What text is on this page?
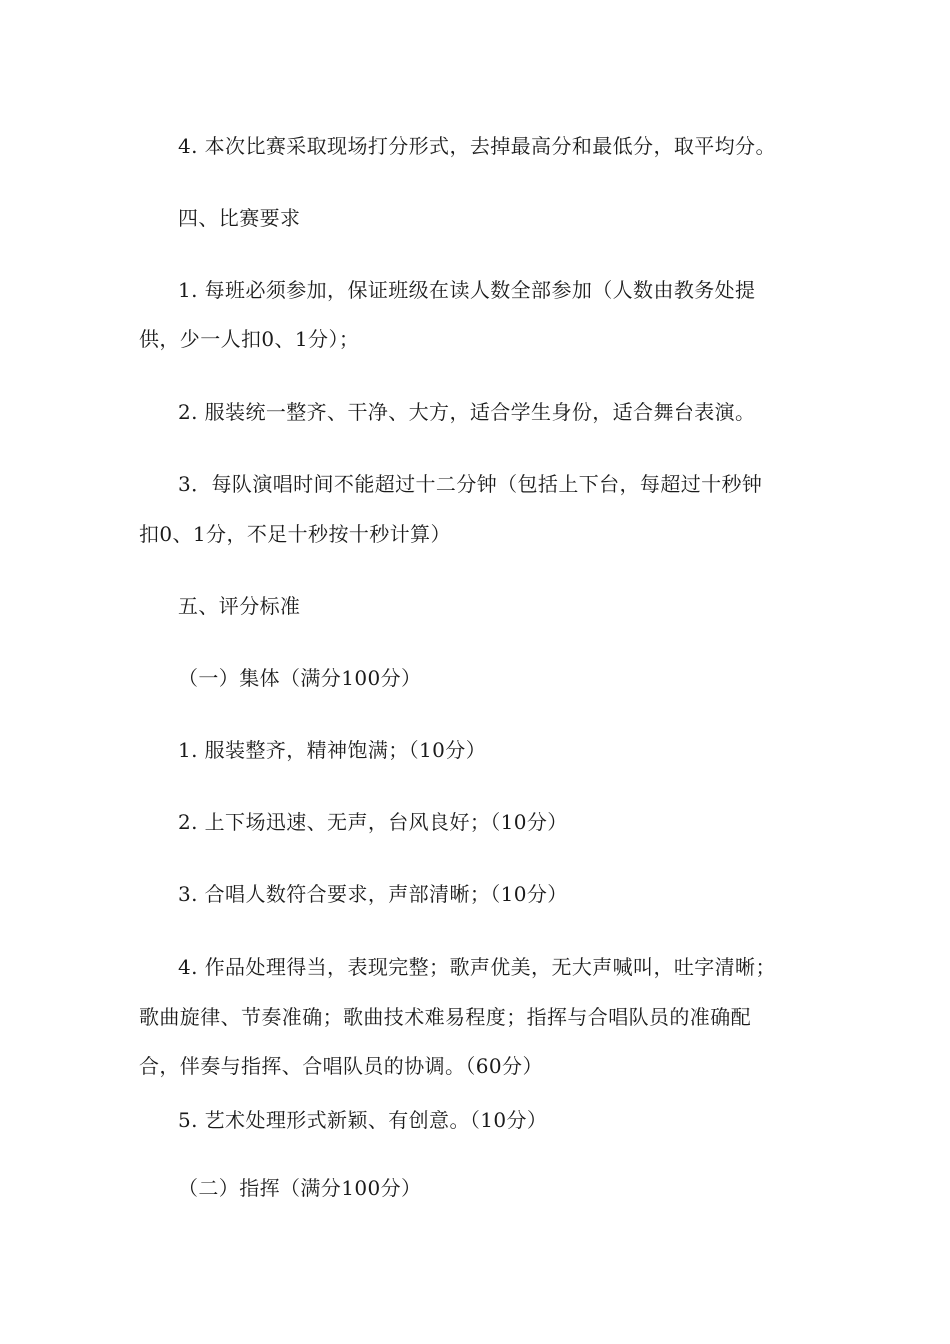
4. 本次比赛采取现场打分形式，去掉最高分和最低分，取平均分。

四、比赛要求

1. 每班必须参加，保证班级在读人数全部参加（人数由教务处提

供，少一人扣0、1分）；

2. 服装统一整齐、干净、大方，适合学生身份，适合舞台表演。

3．每队演唱时间不能超过十二分钟（包括上下台，每超过十秒钟

扣0、1分，不足十秒按十秒计算）

五、评分标准

（一）集体（满分100分）

1. 服装整齐，精神饱满；（10分）

2. 上下场迅速、无声，台风良好；（10分）

3. 合唱人数符合要求，声部清晰；（10分）

4. 作品处理得当，表现完整；歌声优美，无大声喊叫，吐字清晰；

歌曲旋律、节奏准确；歌曲技术难易程度；指挥与合唱队员的准确配

合，伴奏与指挥、合唱队员的协调。（60分）

5. 艺术处理形式新颖、有创意。（10分）

（二）指挥（满分100分）
